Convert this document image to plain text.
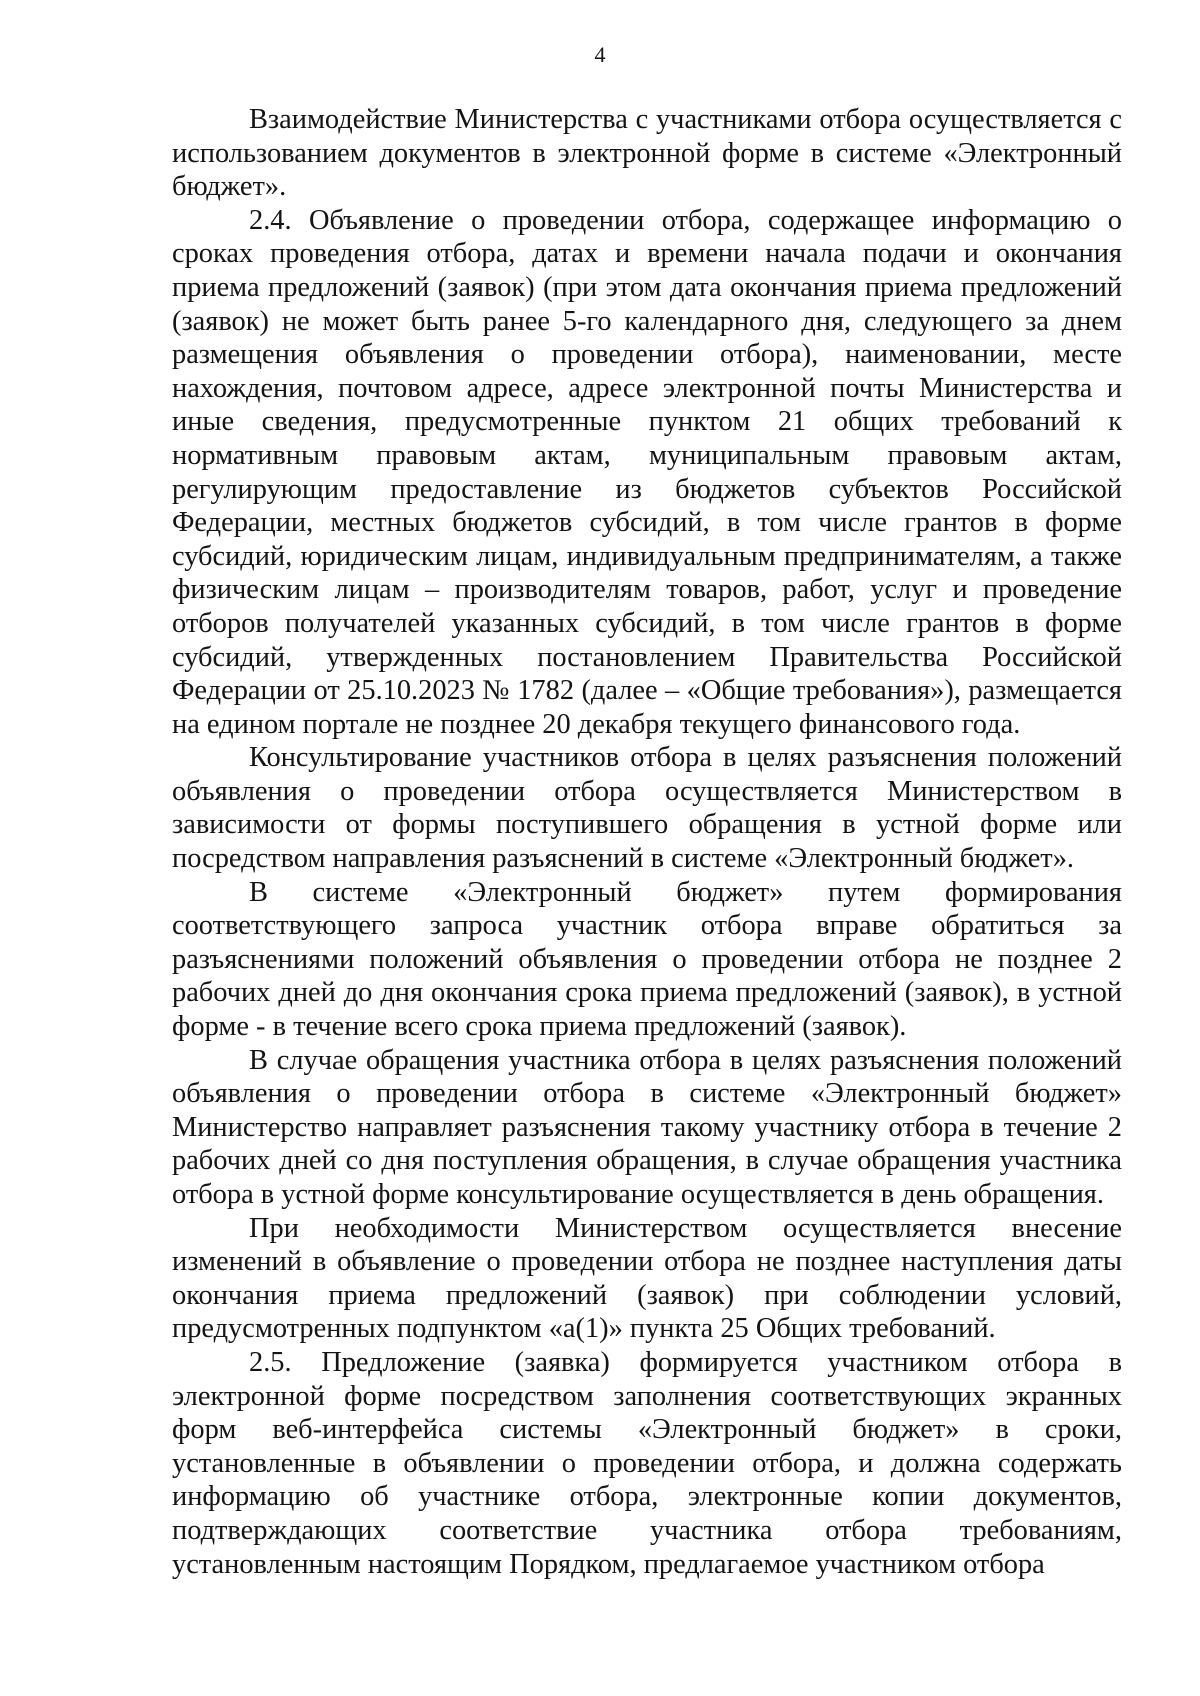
4

Взаимодействие Министерства с участниками отбора осуществляется с использованием документов в электронной форме в системе «Электронный бюджет».

2.4. Объявление о проведении отбора, содержащее информацию о сроках проведения отбора, датах и времени начала подачи и окончания приема предложений (заявок) (при этом дата окончания приема предложений (заявок) не может быть ранее 5-го календарного дня, следующего за днем размещения объявления о проведении отбора), наименовании, месте нахождения, почтовом адресе, адресе электронной почты Министерства и иные сведения, предусмотренные пунктом 21 общих требований к нормативным правовым актам, муниципальным правовым актам, регулирующим предоставление из бюджетов субъектов Российской Федерации, местных бюджетов субсидий, в том числе грантов в форме субсидий, юридическим лицам, индивидуальным предпринимателям, а также физическим лицам – производителям товаров, работ, услуг и проведение отборов получателей указанных субсидий, в том числе грантов в форме субсидий, утвержденных постановлением Правительства Российской Федерации от 25.10.2023 № 1782 (далее – «Общие требования»), размещается на едином портале не позднее 20 декабря текущего финансового года.

Консультирование участников отбора в целях разъяснения положений объявления о проведении отбора осуществляется Министерством в зависимости от формы поступившего обращения в устной форме или посредством направления разъяснений в системе «Электронный бюджет».

В системе «Электронный бюджет» путем формирования соответствующего запроса участник отбора вправе обратиться за разъяснениями положений объявления о проведении отбора не позднее 2 рабочих дней до дня окончания срока приема предложений (заявок), в устной форме - в течение всего срока приема предложений (заявок).

В случае обращения участника отбора в целях разъяснения положений объявления о проведении отбора в системе «Электронный бюджет» Министерство направляет разъяснения такому участнику отбора в течение 2 рабочих дней со дня поступления обращения, в случае обращения участника отбора в устной форме консультирование осуществляется в день обращения.

При необходимости Министерством осуществляется внесение изменений в объявление о проведении отбора не позднее наступления даты окончания приема предложений (заявок) при соблюдении условий, предусмотренных подпунктом «а(1)» пункта 25 Общих требований.

2.5. Предложение (заявка) формируется участником отбора в электронной форме посредством заполнения соответствующих экранных форм веб-интерфейса системы «Электронный бюджет» в сроки, установленные в объявлении о проведении отбора, и должна содержать информацию об участнике отбора, электронные копии документов, подтверждающих соответствие участника отбора требованиям, установленным настоящим Порядком, предлагаемое участником отбора
